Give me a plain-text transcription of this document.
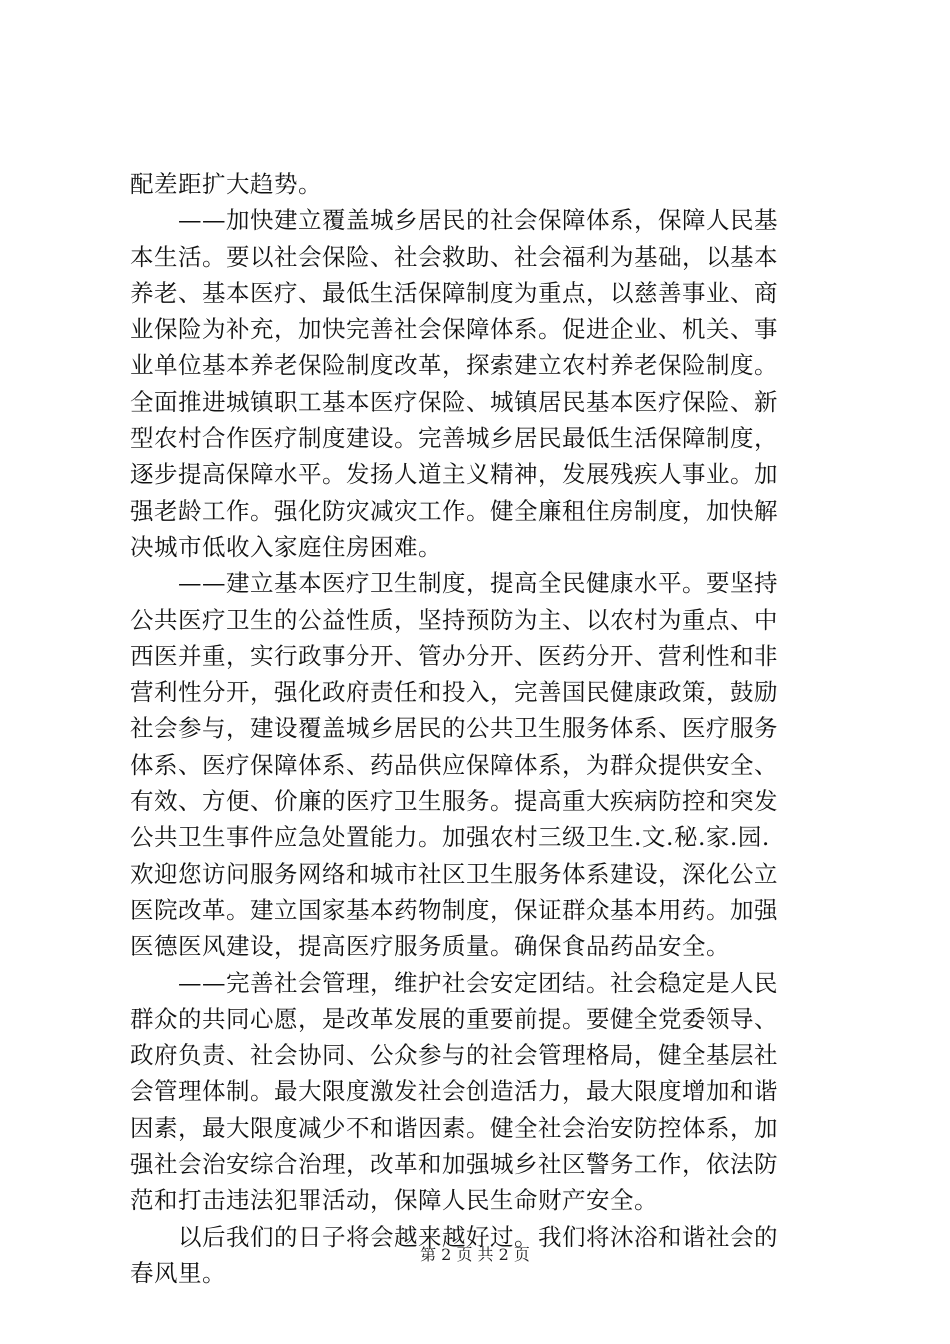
配差距扩大趋势。
——加快建立覆盖城乡居民的社会保障体系，保障人民基
本生活。要以社会保险、社会救助、社会福利为基础，以基本
养老、基本医疗、最低生活保障制度为重点，以慈善事业、商
业保险为补充，加快完善社会保障体系。促进企业、机关、事
业单位基本养老保险制度改革，探索建立农村养老保险制度。
全面推进城镇职工基本医疗保险、城镇居民基本医疗保险、新
型农村合作医疗制度建设。完善城乡居民最低生活保障制度，
逐步提高保障水平。发扬人道主义精神，发展残疾人事业。加
强老龄工作。强化防灾减灾工作。健全廉租住房制度，加快解
决城市低收入家庭住房困难。
——建立基本医疗卫生制度，提高全民健康水平。要坚持
公共医疗卫生的公益性质，坚持预防为主、以农村为重点、中
西医并重，实行政事分开、管办分开、医药分开、营利性和非
营利性分开，强化政府责任和投入，完善国民健康政策，鼓励
社会参与，建设覆盖城乡居民的公共卫生服务体系、医疗服务
体系、医疗保障体系、药品供应保障体系，为群众提供安全、
有效、方便、价廉的医疗卫生服务。提高重大疾病防控和突发
公共卫生事件应急处置能力。加强农村三级卫生.文.秘.家.园.
欢迎您访问服务网络和城市社区卫生服务体系建设，深化公立
医院改革。建立国家基本药物制度，保证群众基本用药。加强
医德医风建设，提高医疗服务质量。确保食品药品安全。
——完善社会管理，维护社会安定团结。社会稳定是人民
群众的共同心愿，是改革发展的重要前提。要健全党委领导、
政府负责、社会协同、公众参与的社会管理格局，健全基层社
会管理体制。最大限度激发社会创造活力，最大限度增加和谐
因素，最大限度减少不和谐因素。健全社会治安防控体系，加
强社会治安综合治理，改革和加强城乡社区警务工作，依法防
范和打击违法犯罪活动，保障人民生命财产安全。
以后我们的日子将会越来越好过。我们将沐浴和谐社会的
春风里。
第 2 页 共 2 页
